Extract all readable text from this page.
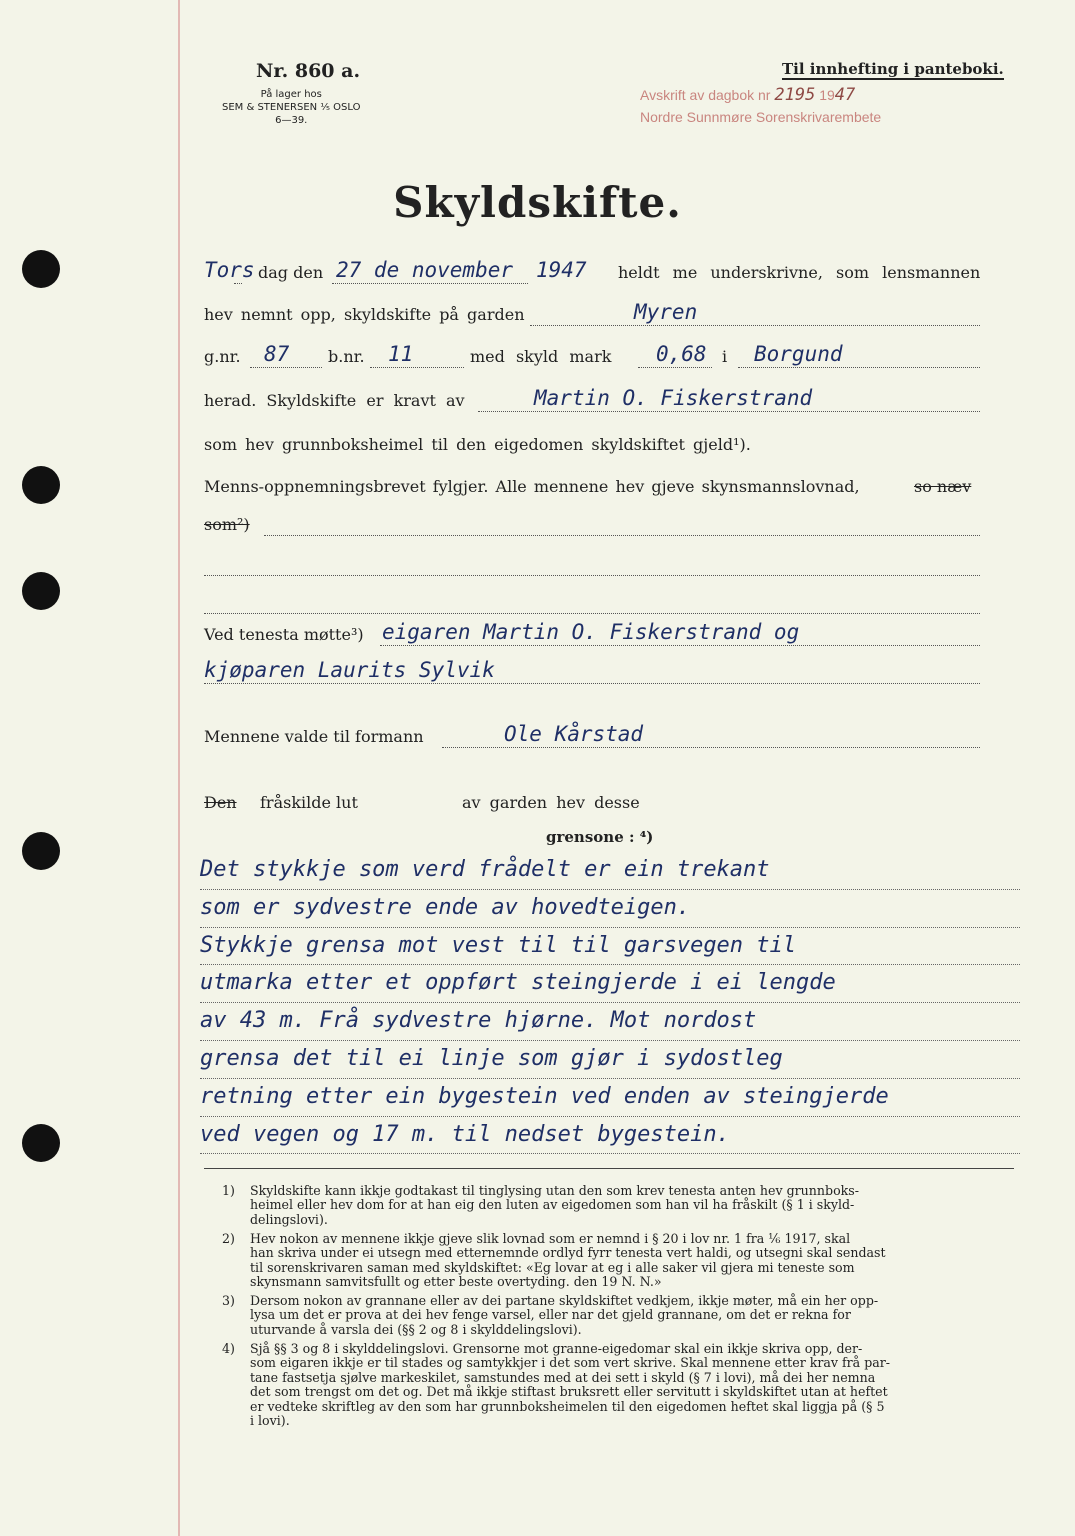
Nr. 860 a.
På lager hos
SEM & STENERSEN ⅟₅ OSLO
6—39.
Til innhefting i panteboki.
Avskrift av dagbok nr 2195 1947
Nordre Sunnmøre Sorenskrivarembete
Skyldskifte.
Tors dag den 27 de november 1947 heldt me underskrivne, som lensmannen
hev nemnt opp, skyldskifte på garden	Myren
g.nr. 87 b.nr. 11	med skyld mark 0,68 i Borgund
herad. Skyldskifte er kravt av	Martin O. Fiskerstrand
som hev grunnboksheimel til den eigedomen skyldskiftet gjeld¹).
Menns-oppnemningsbrevet fylgjer. Alle mennene hev gjeve skynsmannslovnad,	so næv
som²)
Ved tenesta møtte³) eigaren Martin O. Fiskerstrand og
kjøparen Laurits Sylvik
Mennene valde til formann	Ole Kårstad
Den fråskilde lut	av garden hev desse
grensone : ⁴)
Det stykkje som verd frådelt er ein trekant
som er sydvestre ende av hovedteigen.
Stykkje grensa mot vest til til garsvegen til
utmarka etter et oppført steingjerde i ei lengde
av 43 m. Frå sydvestre hjørne. Mot nordost
grensa det til ei linje som gjør i sydostleg
retning etter ein bygestein ved enden av steingjerde
ved vegen og 17 m. til nedset bygestein.
1) Skyldskifte kann ikkje godtakast til tinglysing utan den som krev tenesta anten hev grunnboks-
heimel eller hev dom for at han eig den luten av eigedomen som han vil ha fråskilt (§ 1 i skyld-
delingslovi).
2) Hev nokon av mennene ikkje gjeve slik lovnad som er nemnd i § 20 i lov nr. 1 fra ⅙ 1917, skal
han skriva under ei utsegn med etternemnde ordlyd fyrr tenesta vert haldi, og utsegni skal sendast
til sorenskrivaren saman med skyldskiftet: «Eg lovar at eg i alle saker vil gjera mi teneste som
skynsmann samvitsfullt og etter beste overtyding. den 19 N. N.»
3) Dersom nokon av grannane eller av dei partane skyldskiftet vedkjem, ikkje møter, må ein her opp-
lysa um det er prova at dei hev fenge varsel, eller nar det gjeld grannane, om det er rekna for
uturvande å varsla dei (§§ 2 og 8 i skylddelingslovi).
4) Sjå §§ 3 og 8 i skylddelingslovi. Grensorne mot granne-eigedomar skal ein ikkje skriva opp, der-
som eigaren ikkje er til stades og samtykkjer i det som vert skrive. Skal mennene etter krav frå par-
tane fastsetja sjølve markeskilet, samstundes med at dei sett i skyld (§ 7 i lovi), må dei her nemna
det som trengst om det og. Det må ikkje stiftast bruksrett eller servitutt i skyldskiftet utan at heftet
er vedteke skriftleg av den som har grunnboksheimelen til den eigedomen heftet skal liggja på (§ 5
i lovi).
